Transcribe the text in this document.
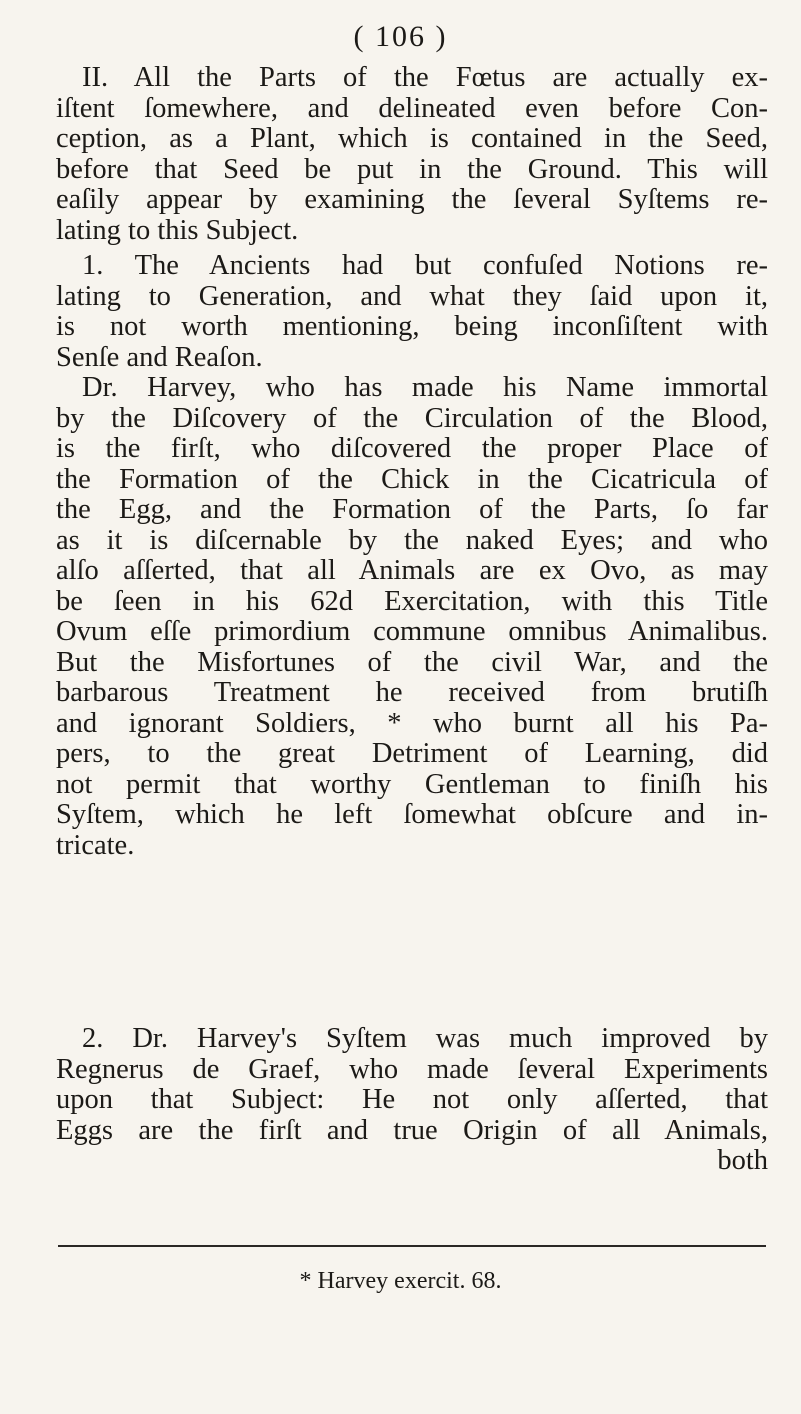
( 106 )
II. All the Parts of the Fœtus are actually ex-
iſtent ſomewhere, and delineated even before Con-
ception, as a Plant, which is contained in the Seed,
before that Seed be put in the Ground. This will
eaſily appear by examining the ſeveral Syſtems re-
lating to this Subject.
1. The Ancients had but confuſed Notions re-
lating to Generation, and what they ſaid upon it,
is not worth mentioning, being inconſiſtent with
Senſe and Reaſon.
Dr. Harvey, who has made his Name immortal
by the Diſcovery of the Circulation of the Blood,
is the firſt, who diſcovered the proper Place of
the Formation of the Chick in the Cicatricula of
the Egg, and the Formation of the Parts, ſo far
as it is diſcernable by the naked Eyes; and who
alſo aſſerted, that all Animals are ex Ovo, as may
be ſeen in his 62d Exercitation, with this Title
Ovum eſſe primordium commune omnibus Animalibus.
But the Misfortunes of the civil War, and the
barbarous Treatment he received from brutiſh
and ignorant Soldiers, * who burnt all his Pa-
pers, to the great Detriment of Learning, did
not permit that worthy Gentleman to finiſh his
Syſtem, which he left ſomewhat obſcure and in-
tricate.
2. Dr. Harvey's Syſtem was much improved by
Regnerus de Graef, who made ſeveral Experiments
upon that Subject: He not only aſſerted, that
Eggs are the firſt and true Origin of all Animals,
both
* Harvey exercit. 68.
